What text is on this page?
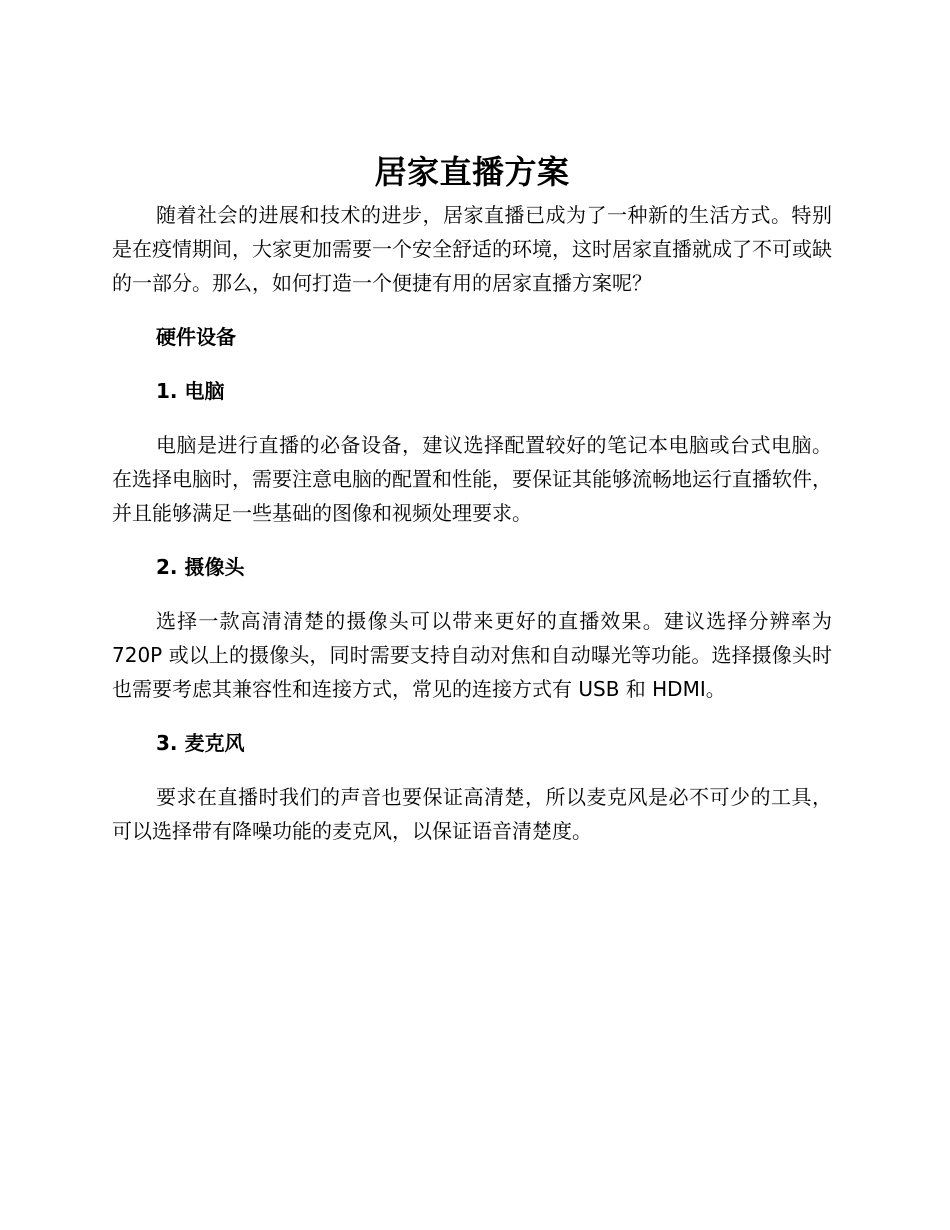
居家直播方案

随着社会的进展和技术的进步，居家直播已成为了一种新的生活方式。特别是在疫情期间，大家更加需要一个安全舒适的环境，这时居家直播就成了不可或缺的一部分。那么，如何打造一个便捷有用的居家直播方案呢？

硬件设备
1. 电脑

电脑是进行直播的必备设备，建议选择配置较好的笔记本电脑或台式电脑。在选择电脑时，需要注意电脑的配置和性能，要保证其能够流畅地运行直播软件，并且能够满足一些基础的图像和视频处理要求。

2. 摄像头

选择一款高清清楚的摄像头可以带来更好的直播效果。建议选择分辨率为 720P 或以上的摄像头，同时需要支持自动对焦和自动曝光等功能。选择摄像头时也需要考虑其兼容性和连接方式，常见的连接方式有 USB 和 HDMI。

3. 麦克风

要求在直播时我们的声音也要保证高清楚，所以麦克风是必不可少的工具，可以选择带有降噪功能的麦克风，以保证语音清楚度。
